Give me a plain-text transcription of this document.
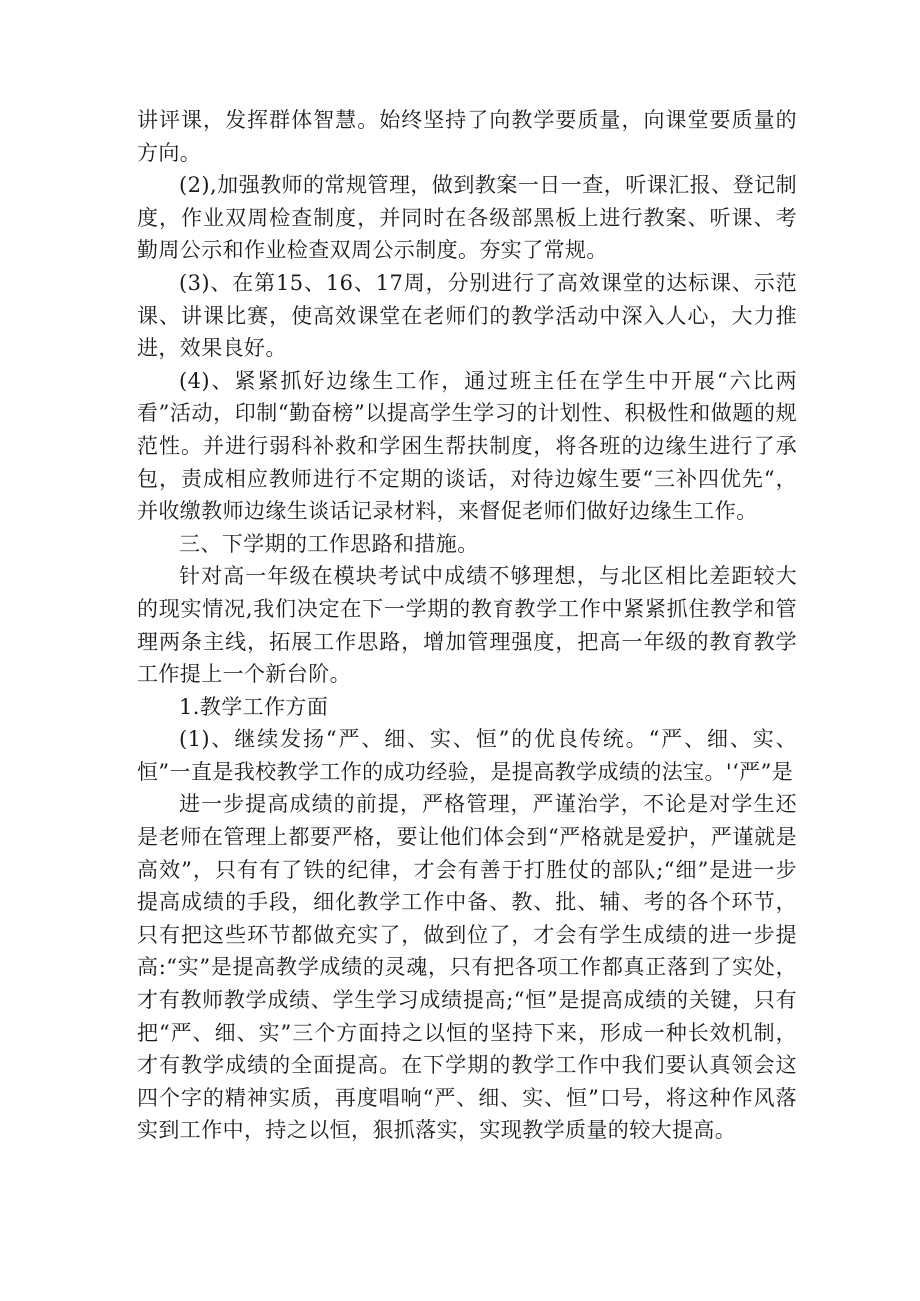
讲评课，发挥群体智慧。始终坚持了向教学要质量，向课堂要质量的方向。

(2),加强教师的常规管理，做到教案一日一查，听课汇报、登记制度，作业双周检查制度，并同时在各级部黑板上进行教案、听课、考勤周公示和作业检查双周公示制度。夯实了常规。

(3)、在第15、16、17周，分别进行了高效课堂的达标课、示范课、讲课比赛，使高效课堂在老师们的教学活动中深入人心，大力推进，效果良好。

(4)、紧紧抓好边缘生工作，通过班主任在学生中开展“六比两看”活动，印制“勤奋榜”以提高学生学习的计划性、积极性和做题的规范性。并进行弱科补救和学困生帮扶制度，将各班的边缘生进行了承包，责成相应教师进行不定期的谈话，对待边嫁生要“三补四优先“，并收缴教师边缘生谈话记录材料，来督促老师们做好边缘生工作。

三、下学期的工作思路和措施。

针对高一年级在模块考试中成绩不够理想，与北区相比差距较大的现实情况,我们决定在下一学期的教育教学工作中紧紧抓住教学和管理两条主线，拓展工作思路，增加管理强度，把高一年级的教育教学工作提上一个新台阶。

1.教学工作方面

(1)、继续发扬“严、细、实、恒”的优良传统。“严、细、实、恒”一直是我校教学工作的成功经验，是提高教学成绩的法宝。'‘严”是

进一步提高成绩的前提，严格管理，严谨治学，不论是对学生还是老师在管理上都要严格，要让他们体会到“严格就是爱护，严谨就是高效”，只有有了铁的纪律，才会有善于打胜仗的部队;“细”是进一步提高成绩的手段，细化教学工作中备、教、批、辅、考的各个环节，只有把这些环节都做充实了，做到位了，才会有学生成绩的进一步提高:“实”是提高教学成绩的灵魂，只有把各项工作都真正落到了实处，才有教师教学成绩、学生学习成绩提高;“恒”是提高成绩的关键，只有把“严、细、实”三个方面持之以恒的坚持下来，形成一种长效机制，才有教学成绩的全面提高。在下学期的教学工作中我们要认真领会这四个字的精神实质，再度唱响“严、细、实、恒”口号，将这种作风落实到工作中，持之以恒，狠抓落实，实现教学质量的较大提高。
